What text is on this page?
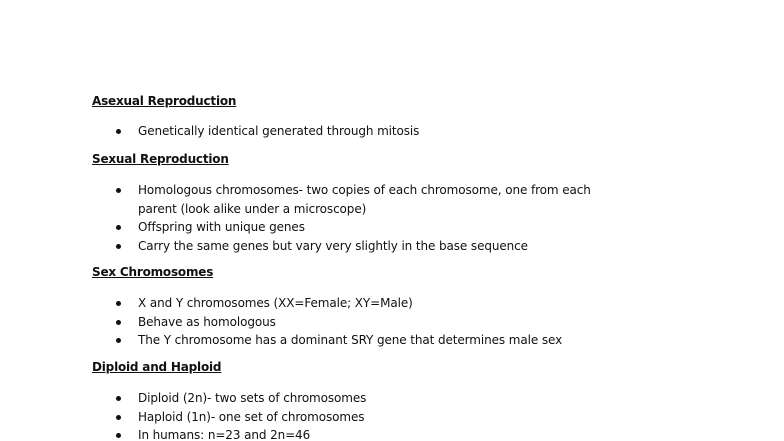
Asexual Reproduction

Genetically identical generated through mitosis

Sexual Reproduction

Homologous chromosomes- two copies of each chromosome, one from each parent (look alike under a microscope)
Offspring with unique genes
Carry the same genes but vary very slightly in the base sequence

Sex Chromosomes

X and Y chromosomes (XX=Female; XY=Male)
Behave as homologous
The Y chromosome has a dominant SRY gene that determines male sex

Diploid and Haploid

Diploid (2n)- two sets of chromosomes
Haploid (1n)- one set of chromosomes
In humans: n=23 and 2n=46
